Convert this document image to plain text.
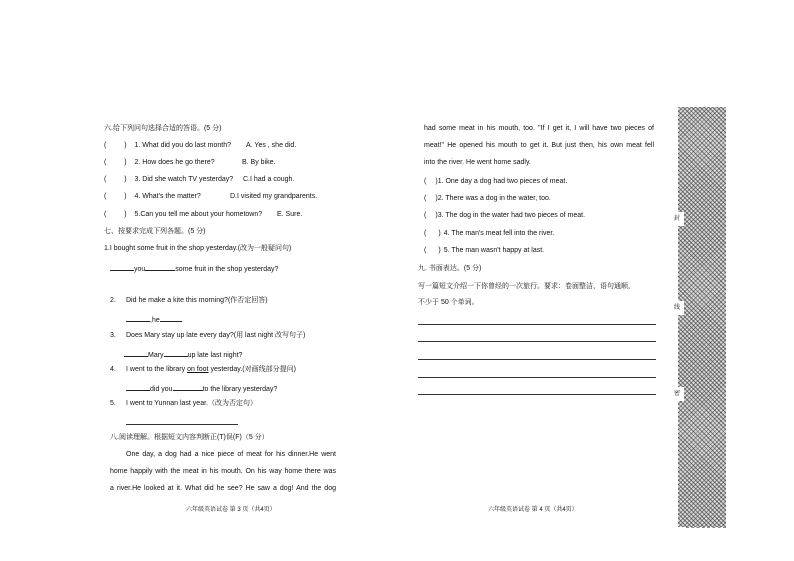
六.给下列问句选择合适的答语。(5 分)
(	) 1. What did you do last month? A. Yes , she did.
(	) 2. How does he go there?	B. By bike.
(	) 3. Did she watch TV yesterday? C.I had a cough.
(	) 4. What's the matter?	D.I visited my grandparents.
(	) 5.Can you tell me about your hometown? E. Sure.
七、按要求完成下列各题。(5 分)
1.I bought some fruit in the shop yesterday.(改为一般疑问句)
you	some fruit in the shop yesterday?
2. Did he make a kite this morning?(作否定回答)
,he
3. Does Mary stay up late every day?(用 last night 改写句子)
Mary	up late last night?
4. I went to the library on foot yesterday.(对画线部分提问)
did you	to the library yesterday?
5. I went to Yunnan last year.（改为否定句）
八.阅读理解。根据短文内容判断正(T)误(F)（5 分）
One day, a dog had a nice piece of meat for his dinner.He went
home happily with the meat in his mouth. On his way home there was
a river.He looked at it. What did he see? He saw a dog! And the dog
六年级英语试卷 第 3 页（共4页）
had some meat in his mouth, too. "If I get it, I will have two pieces of
meat!" He opened his mouth to get it. But just then, his own meat fell
into the river. He went home sadly.
( )1. One day a dog had two pieces of meat.
( )2. There was a dog in the water, too.
( )3. The dog in the water had two pieces of meat.
( ) 4. The man's meat fell into the river.
( ) 5. The man wasn't happy at last.
九. 书面表达。(5 分)
写一篇短文介绍一下你曾经的一次旅行。要求：卷面整洁，语句通顺，
不少于 50 个单词。
六年级英语试卷 第 4 页（共4页）
封
线
密
